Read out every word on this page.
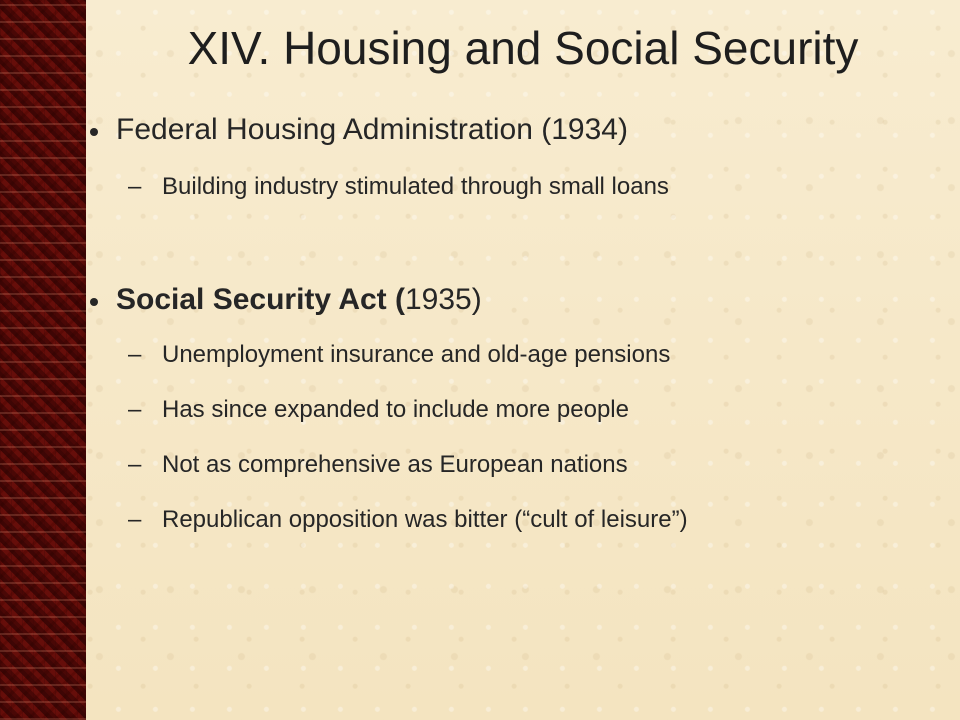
XIV. Housing and Social Security
Federal Housing Administration (1934)
– Building industry stimulated through small loans
Social Security Act (1935)
– Unemployment insurance and old-age pensions
– Has since expanded to include more people
– Not as comprehensive as European nations
– Republican opposition was bitter (“cult of leisure”)
